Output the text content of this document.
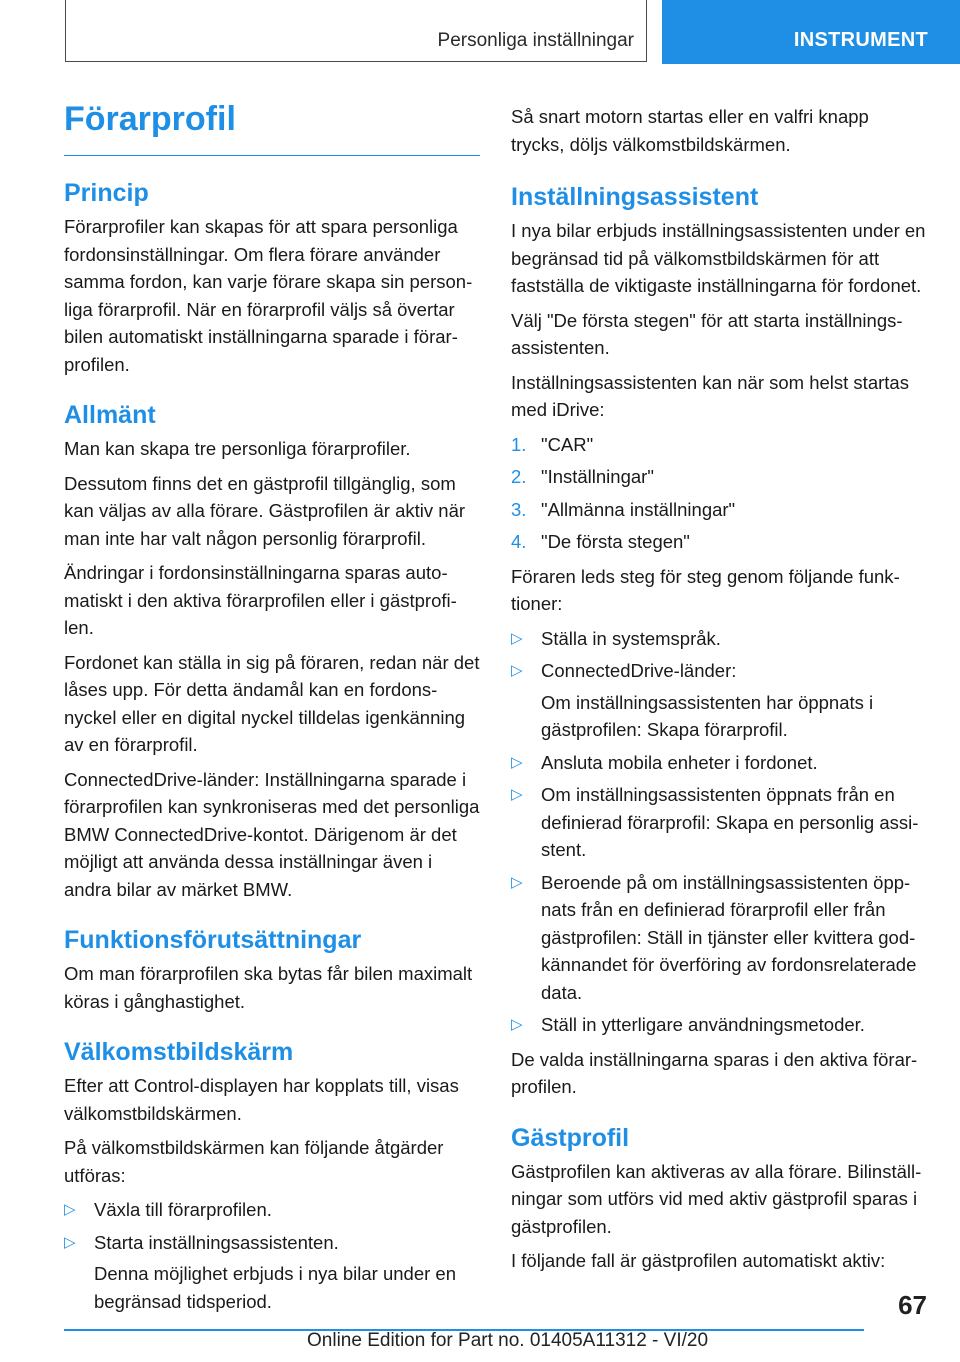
Personliga inställningar	INSTRUMENT
Förarprofil
Princip

Förarprofiler kan skapas för att spara personliga fordonsinställningar. Om flera förare använder samma fordon, kan varje förare skapa sin personliga förarprofil. När en förarprofil väljs så övertar bilen automatiskt inställningarna sparade i förarprofilen.

Allmänt

Man kan skapa tre personliga förarprofiler.

Dessutom finns det en gästprofil tillgänglig, som kan väljas av alla förare. Gästprofilen är aktiv när man inte har valt någon personlig förarprofil.

Ändringar i fordonsinställningarna sparas automatiskt i den aktiva förarprofilen eller i gästprofilen.

Fordonet kan ställa in sig på föraren, redan när det låses upp. För detta ändamål kan en fordonsnyckel eller en digital nyckel tilldelas igenkänning av en förarprofil.

ConnectedDrive-länder: Inställningarna sparade i förarprofilen kan synkroniseras med det personliga BMW ConnectedDrive-kontot. Därigenom är det möjligt att använda dessa inställningar även i andra bilar av märket BMW.

Funktionsförutsättningar

Om man förarprofilen ska bytas får bilen maximalt köras i gånghastighet.

Välkomstbildskärm

Efter att Control-displayen har kopplats till, visas välkomstbildskärmen.

På välkomstbildskärmen kan följande åtgärder utföras:

▷ Växla till förarprofilen.
▷ Starta inställningsassistenten.
Denna möjlighet erbjuds i nya bilar under en begränsad tidsperiod.

Så snart motorn startas eller en valfri knapp trycks, döljs välkomstbildskärmen.

Inställningsassistent

I nya bilar erbjuds inställningsassistenten under en begränsad tid på välkomstbildskärmen för att fastställa de viktigaste inställningarna för fordonet.

Välj "De första stegen" för att starta inställningsassistenten.

Inställningsassistenten kan när som helst startas med iDrive:

1. "CAR"
2. "Inställningar"
3. "Allmänna inställningar"
4. "De första stegen"

Föraren leds steg för steg genom följande funktioner:

▷ Ställa in systemspråk.
▷ ConnectedDrive-länder:
Om inställningsassistenten har öppnats i gästprofilen: Skapa förarprofil.
▷ Ansluta mobila enheter i fordonet.
▷ Om inställningsassistenten öppnats från en definierad förarprofil: Skapa en personlig assistent.
▷ Beroende på om inställningsassistenten öppnats från en definierad förarprofil eller från gästprofilen: Ställ in tjänster eller kvittera godkännandet för överföring av fordonsrelaterade data.
▷ Ställ in ytterligare användningsmetoder.

De valda inställningarna sparas i den aktiva förarprofilen.

Gästprofil

Gästprofilen kan aktiveras av alla förare. Bilinställningar som utförs vid med aktiv gästprofil sparas i gästprofilen.

I följande fall är gästprofilen automatiskt aktiv:

67
Online Edition for Part no. 01405A11312 - VI/20
